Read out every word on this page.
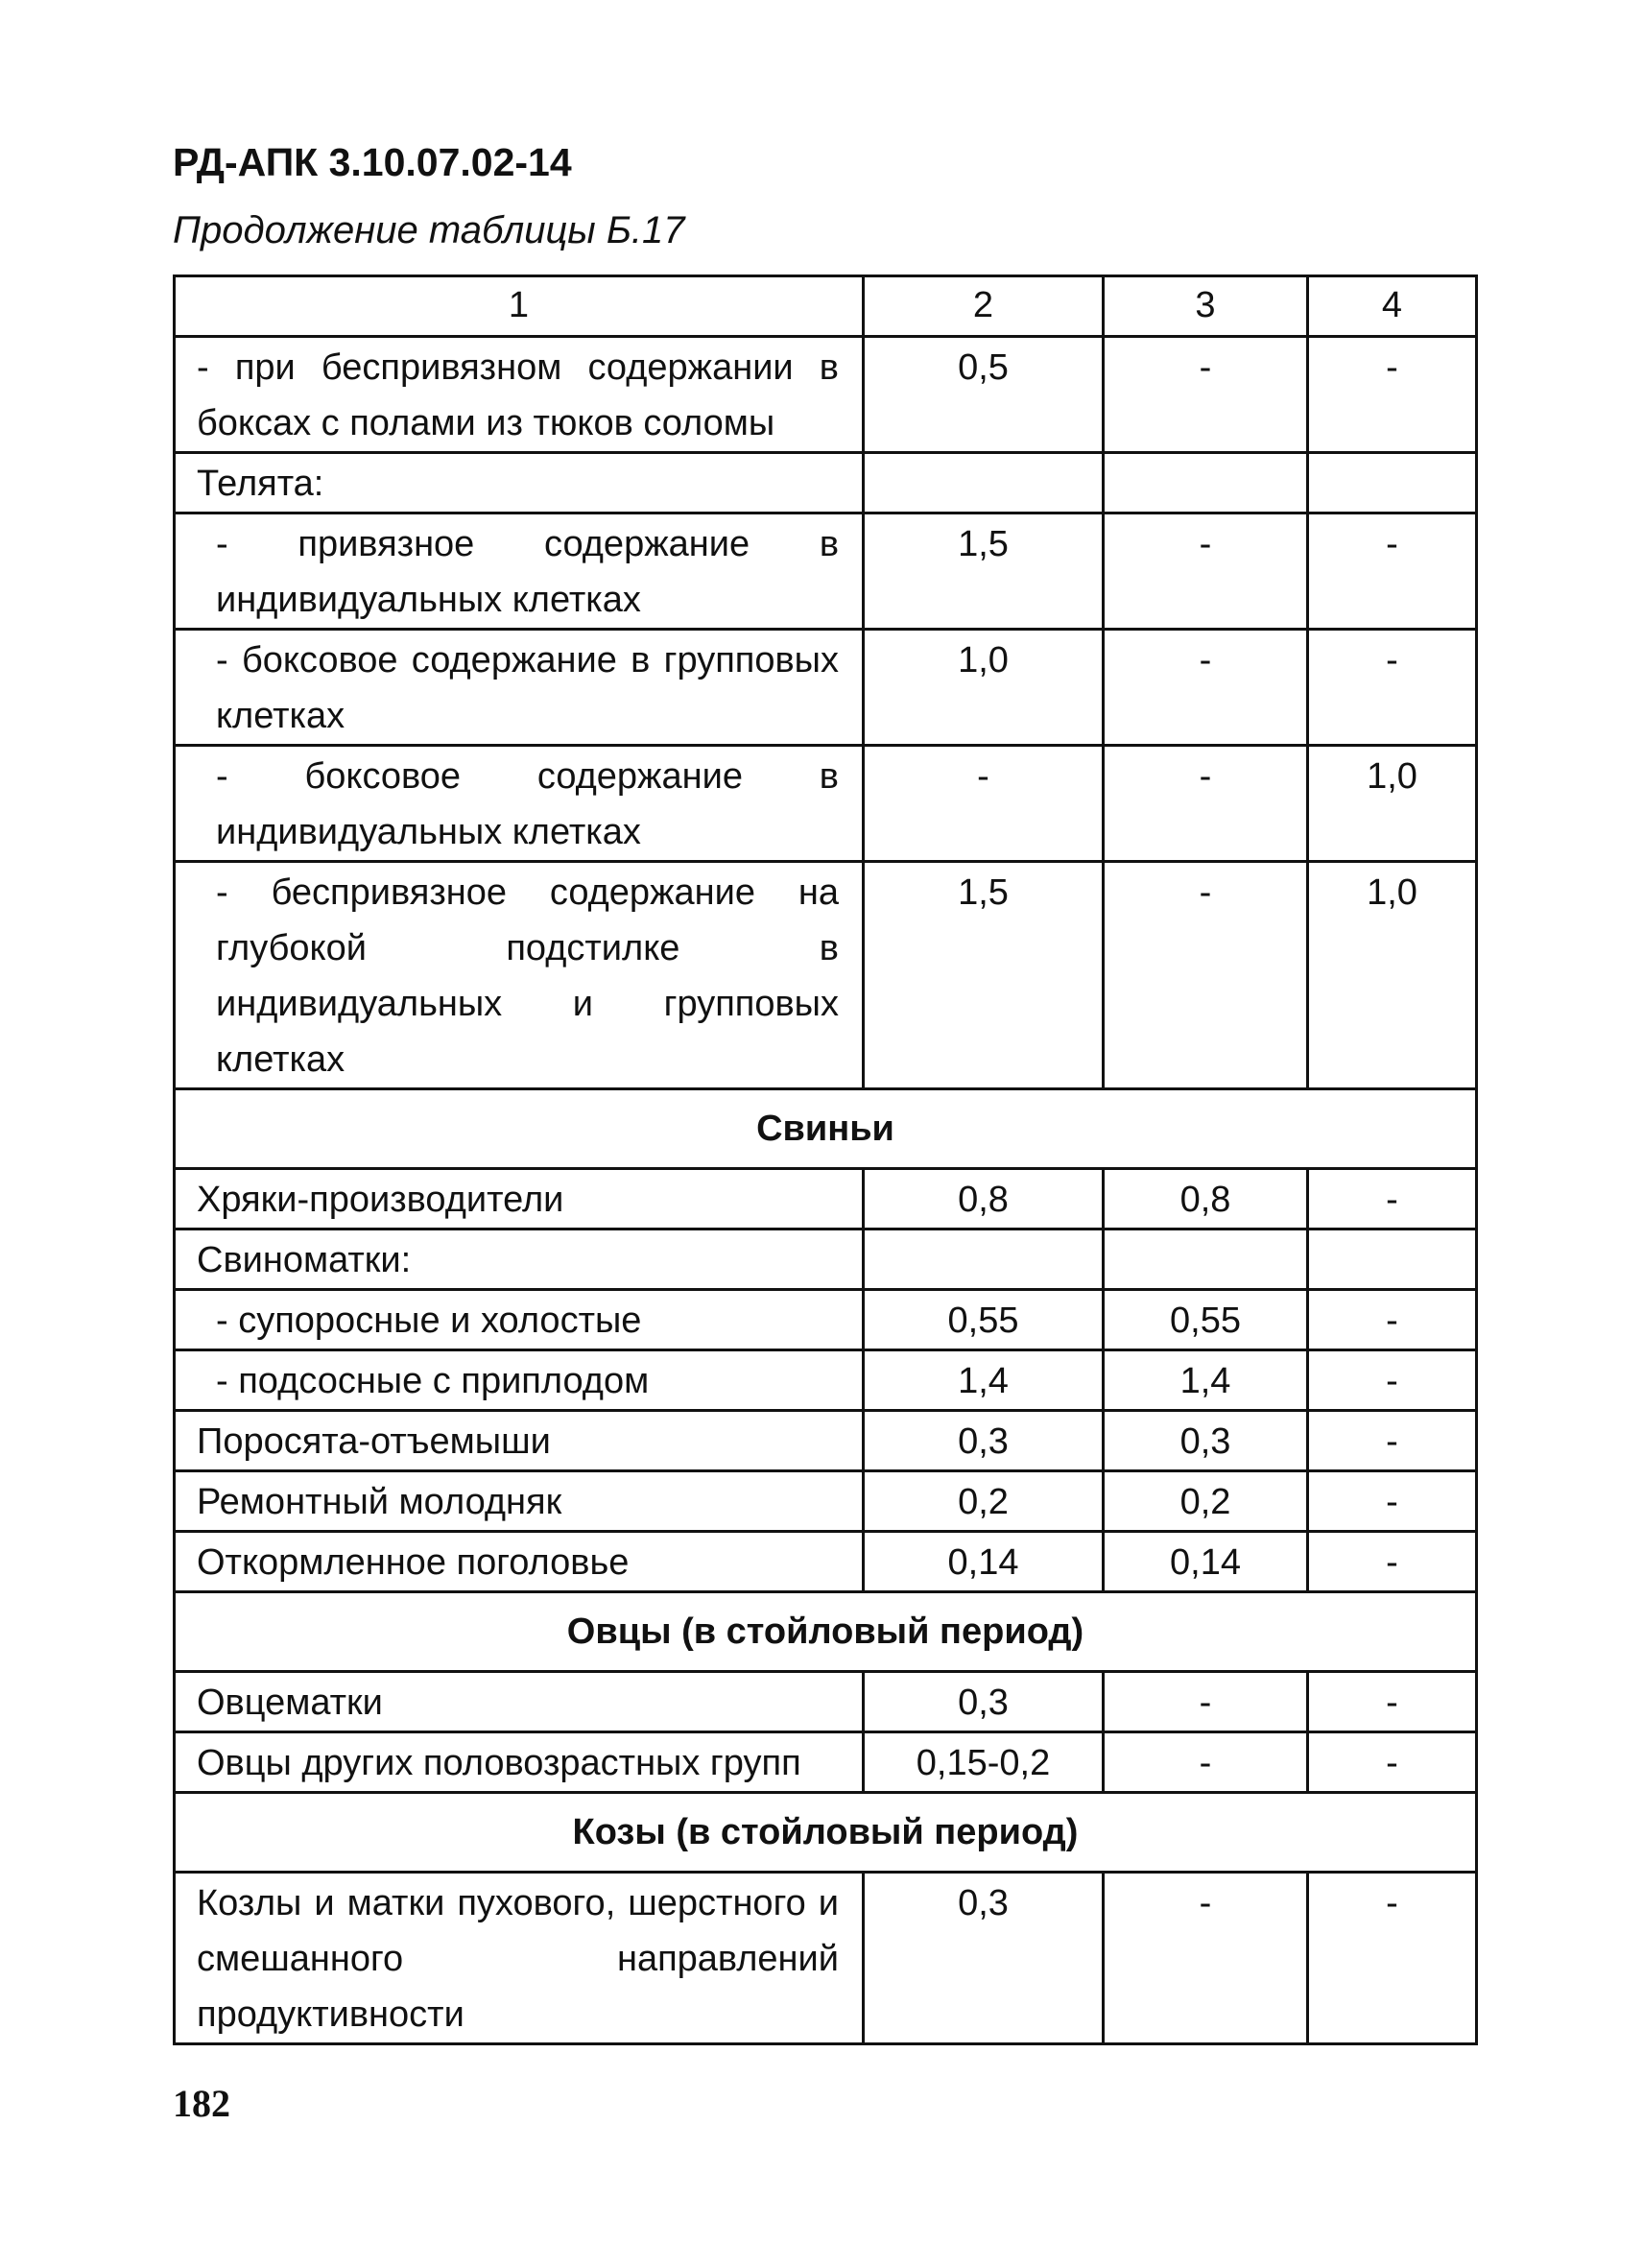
РД-АПК 3.10.07.02-14
Продолжение таблицы Б.17
1	2	3	4
- при беспривязном содержании в боксах с полами из тюков соломы	0,5	-	-
Телята:			
- привязное содержание в индивидуальных клетках	1,5	-	-
- боксовое содержание в групповых клетках	1,0	-	-
- боксовое содержание в индивидуальных клетках	-	-	1,0
- беспривязное содержание на глубокой подстилке в индивидуальных и групповых клетках	1,5	-	1,0
Свиньи			
Хряки-производители	0,8	0,8	-
Свиноматки:			
- супоросные и холостые	0,55	0,55	-
- подсосные с приплодом	1,4	1,4	-
Поросята-отъемыши	0,3	0,3	-
Ремонтный молодняк	0,2	0,2	-
Откормленное поголовье	0,14	0,14	-
Овцы (в стойловый период)			
Овцематки	0,3	-	-
Овцы других половозрастных групп	0,15-0,2	-	-
Козы (в стойловый период)			
Козлы и матки пухового, шерстного и смешанного направлений продуктивности	0,3	-	-
182
